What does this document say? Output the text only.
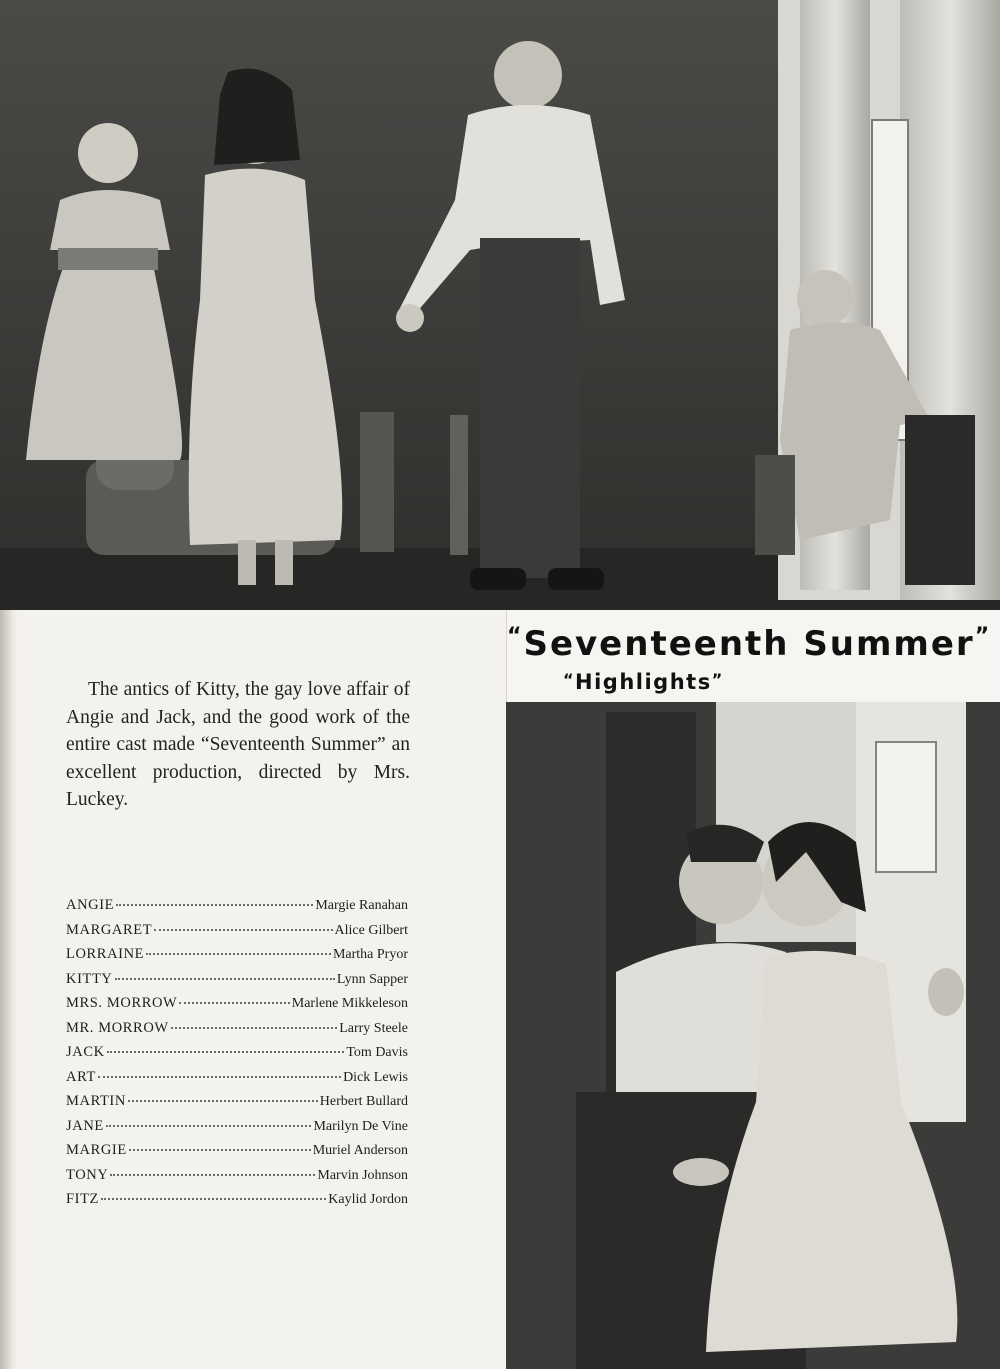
The antics of Kitty, the gay love affair of Angie and Jack, and the good work of the entire cast made “Seventeenth Summer” an excellent production, directed by Mrs. Luckey.

ANGIE	Margie Ranahan
MARGARET	Alice Gilbert
LORRAINE	Martha Pryor
KITTY	Lynn Sapper
MRS. MORROW	Marlene Mikkeleson
MR. MORROW	Larry Steele
JACK	Tom Davis
ART	Dick Lewis
MARTIN	Herbert Bullard
JANE	Marilyn De Vine
MARGIE	Muriel Anderson
TONY	Marvin Johnson
FITZ	Kaylid Jordon

“Seventeenth Summer”

“Highlights”
